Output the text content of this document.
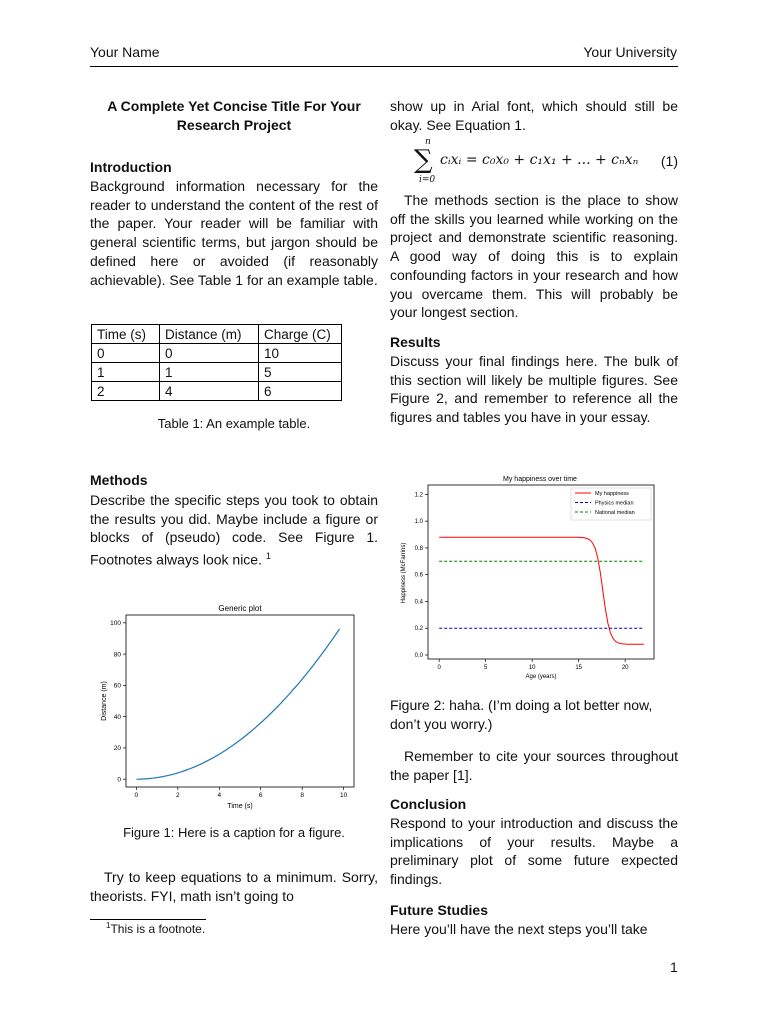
Your Name	Your University
A Complete Yet Concise Title For Your Research Project
Introduction
Background information necessary for the reader to understand the content of the rest of the paper. Your reader will be familiar with general scientific terms, but jargon should be defined here or avoided (if reasonably achievable). See Table 1 for an example table.
Time (s)	Distance (m)	Charge (C)
0	0	10
1	1	5
2	4	6
Table 1: An example table.
Methods
Describe the specific steps you took to obtain the results you did. Maybe include a figure or blocks of (pseudo) code. See Figure 1. Footnotes always look nice. $^1$
Generic plot
0	2	4	6	8	10
0
20
40
60
80
100
Time (s)
Distance (m)
Figure 1: Here is a caption for a figure.
Try to keep equations to a minimum. Sorry, theorists. FYI, math isn’t going to
$^1$This is a footnote.
show up in Arial font, which should still be okay. See Equation 1.
n
∑
i=0
cᵢxᵢ = c₀x₀ + c₁x₁ + ... + cₙxₙ (1)
The methods section is the place to show off the skills you learned while working on the project and demonstrate scientific reasoning. A good way of doing this is to explain confounding factors in your research and how you overcame them. This will probably be your longest section.
Results
Discuss your final findings here. The bulk of this section will likely be multiple figures. See Figure 2, and remember to reference all the figures and tables you have in your essay.
My happiness over time
0	5	10	15	20
0.0
0.2
0.4
0.6
0.8
1.0
1.2	My happiness
Physics median
National median
Age (years)
Happiness (McFarrins)
Figure 2: haha. (I’m doing a lot better now, don’t you worry.)
Remember to cite your sources throughout the paper [1].
Conclusion
Respond to your introduction and discuss the implications of your results. Maybe a preliminary plot of some future expected findings.
Future Studies
Here you’ll have the next steps you’ll take
1
